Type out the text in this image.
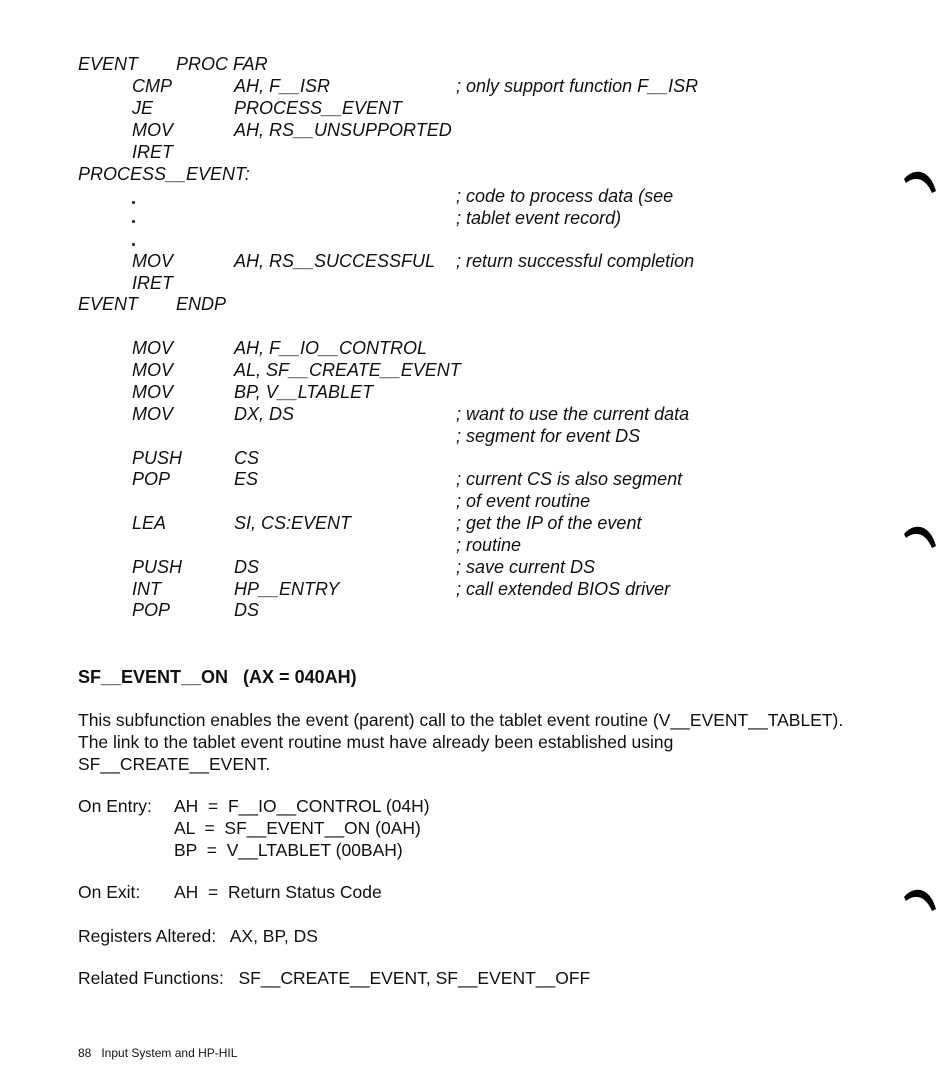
EVENT PROC FAR
CMP	AH, F__ISR	; only support function F__ISR
JE	PROCESS__EVENT
MOV	AH, RS__UNSUPPORTED
IRET
PROCESS__EVENT:
; code to process data (see
; tablet event record)
MOV	AH, RS__SUCCESSFUL ; return successful completion
IRET
EVENT ENDP
MOV	AH, F__IO__CONTROL
MOV	AL, SF__CREATE__EVENT
MOV	BP, V__LTABLET
MOV	DX, DS	; want to use the current data
; segment for event DS
PUSH	CS
POP	ES	; current CS is also segment
; of event routine
LEA	SI, CS:EVENT	; get the IP of the event
; routine
PUSH	DS	; save current DS
INT	HP__ENTRY	; call extended BIOS driver
POP	DS
SF__EVENT__ON   (AX = 040AH)
This subfunction enables the event (parent) call to the tablet event routine (V__EVENT__TABLET).
The link to the tablet event routine must have already been established using
SF__CREATE__EVENT.
On Entry: AH  =  F__IO__CONTROL (04H)
AL  =  SF__EVENT__ON (0AH)
BP  =  V__LTABLET (00BAH)
On Exit: AH  =  Return Status Code
Registers Altered:   AX, BP, DS
Related Functions:   SF__CREATE__EVENT, SF__EVENT__OFF
88   Input System and HP-HIL
